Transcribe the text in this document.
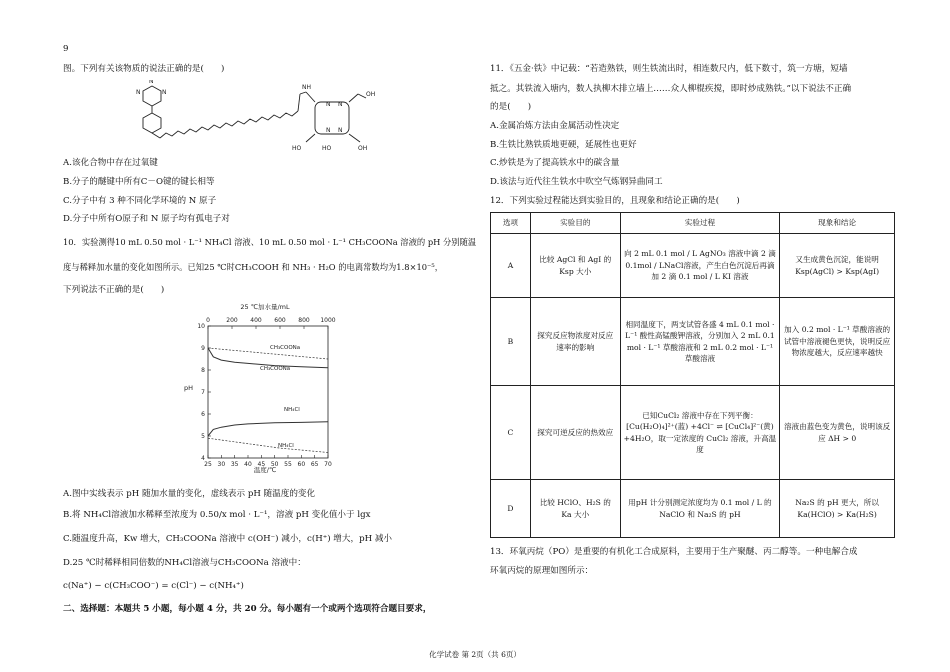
9
图。下列有关该物质的说法正确的是(　　)
N
N
N
N N
N N
NH
OH
OH
HO	HO
A.该化合物中存在过氧键
B.分子的醚键中所有C－O键的键长相等
C.分子中有 3 种不同化学环境的 N 原子
D.分子中所有O原子和 N 原子均有孤电子对
10．实验测得10 mL 0.50 mol · L⁻¹ NH₄Cl 溶液、10 mL 0.50 mol · L⁻¹ CH₃COONa 溶液的 pH 分别随温
度与稀释加水量的变化如图所示。已知25 ℃时CH₃COOH 和 NH₃ · H₂O 的电离常数均为1.8×10⁻⁵，
下列说法不正确的是(　　)
25 ℃加水量/mL
0	200 400 600 800 1000
25 30 35 40 45 50 55 60 65 70
4
5
6
7
8
9
10
pH
温度/℃
CH₃COONa
CH₃COONa
NH₄Cl
NH₄Cl
A.图中实线表示 pH 随加水量的变化，虚线表示 pH 随温度的变化
B.将 NH₄Cl溶液加水稀释至浓度为 0.50/x mol · L⁻¹，溶液 pH 变化值小于 lgx
C.随温度升高，Kw 增大，CH₃COONa 溶液中 c(OH⁻) 减小，c(H⁺) 增大，pH 减小
D.25 ℃时稀释相同倍数的NH₄Cl溶液与CH₃COONa 溶液中：
c(Na⁺) − c(CH₃COO⁻) = c(Cl⁻) − c(NH₄⁺)
二、选择题：本题共 5 小题，每小题 4 分，共 20 分。每小题有一个或两个选项符合题目要求，
11．《五金·铁》中记载：“若造熟铁，则生铁流出时，相连数尺内，低下数寸，筑一方塘，短墙
抵之。其铁流入塘内，数人执柳木排立墙上……众人柳棍疾搅，即时炒成熟铁。”以下说法不正确
的是(　　)
A.金属冶炼方法由金属活动性决定
B.生铁比熟铁质地更硬，延展性也更好
C.炒铁是为了提高铁水中的碳含量
D.该法与近代往生铁水中吹空气炼钢异曲同工
12．下列实验过程能达到实验目的，且现象和结论正确的是(　　)
选项	实验目的	实验过程	现象和结论
A	比较 AgCl 和 AgI 的 Ksp 大小	向 2 mL 0.1 mol / L AgNO₃ 溶液中滴 2 滴 0.1mol / LNaCl溶液，产生白色沉淀后再滴加 2 滴 0.1 mol / L KI 溶液	又生成黄色沉淀，能说明 Ksp(AgCl) > Ksp(AgI)
B	探究反应物浓度对反应速率的影响	相同温度下，两支试管各盛 4 mL 0.1 mol · L⁻¹ 酸性高锰酸钾溶液，分别加入 2 mL 0.1 mol · L⁻¹ 草酸溶液和 2 mL 0.2 mol · L⁻¹ 草酸溶液	加入 0.2 mol · L⁻¹ 草酸溶液的试管中溶液褪色更快，说明反应物浓度越大，反应速率越快
C	探究可逆反应的热效应	已知CuCl₂ 溶液中存在下列平衡：[Cu(H₂O)₄]²⁺(蓝) +4Cl⁻ ⇌ [CuCl₄]²⁻(黄) +4H₂O，取一定浓度的 CuCl₂ 溶液，升高温度	溶液由蓝色变为黄色，说明该反应 ΔH > 0
D	比较 HClO、H₂S 的 Ka 大小	用pH 计分别测定浓度均为 0.1 mol / L 的 NaClO 和 Na₂S 的 pH	Na₂S 的 pH 更大，所以 Ka(HClO) > Ka(H₂S)
13．环氧丙烷（PO）是重要的有机化工合成原料，主要用于生产聚醚、丙二醇等。一种电解合成
环氧丙烷的原理如图所示：
化学试卷 第 2页（共 6页）
